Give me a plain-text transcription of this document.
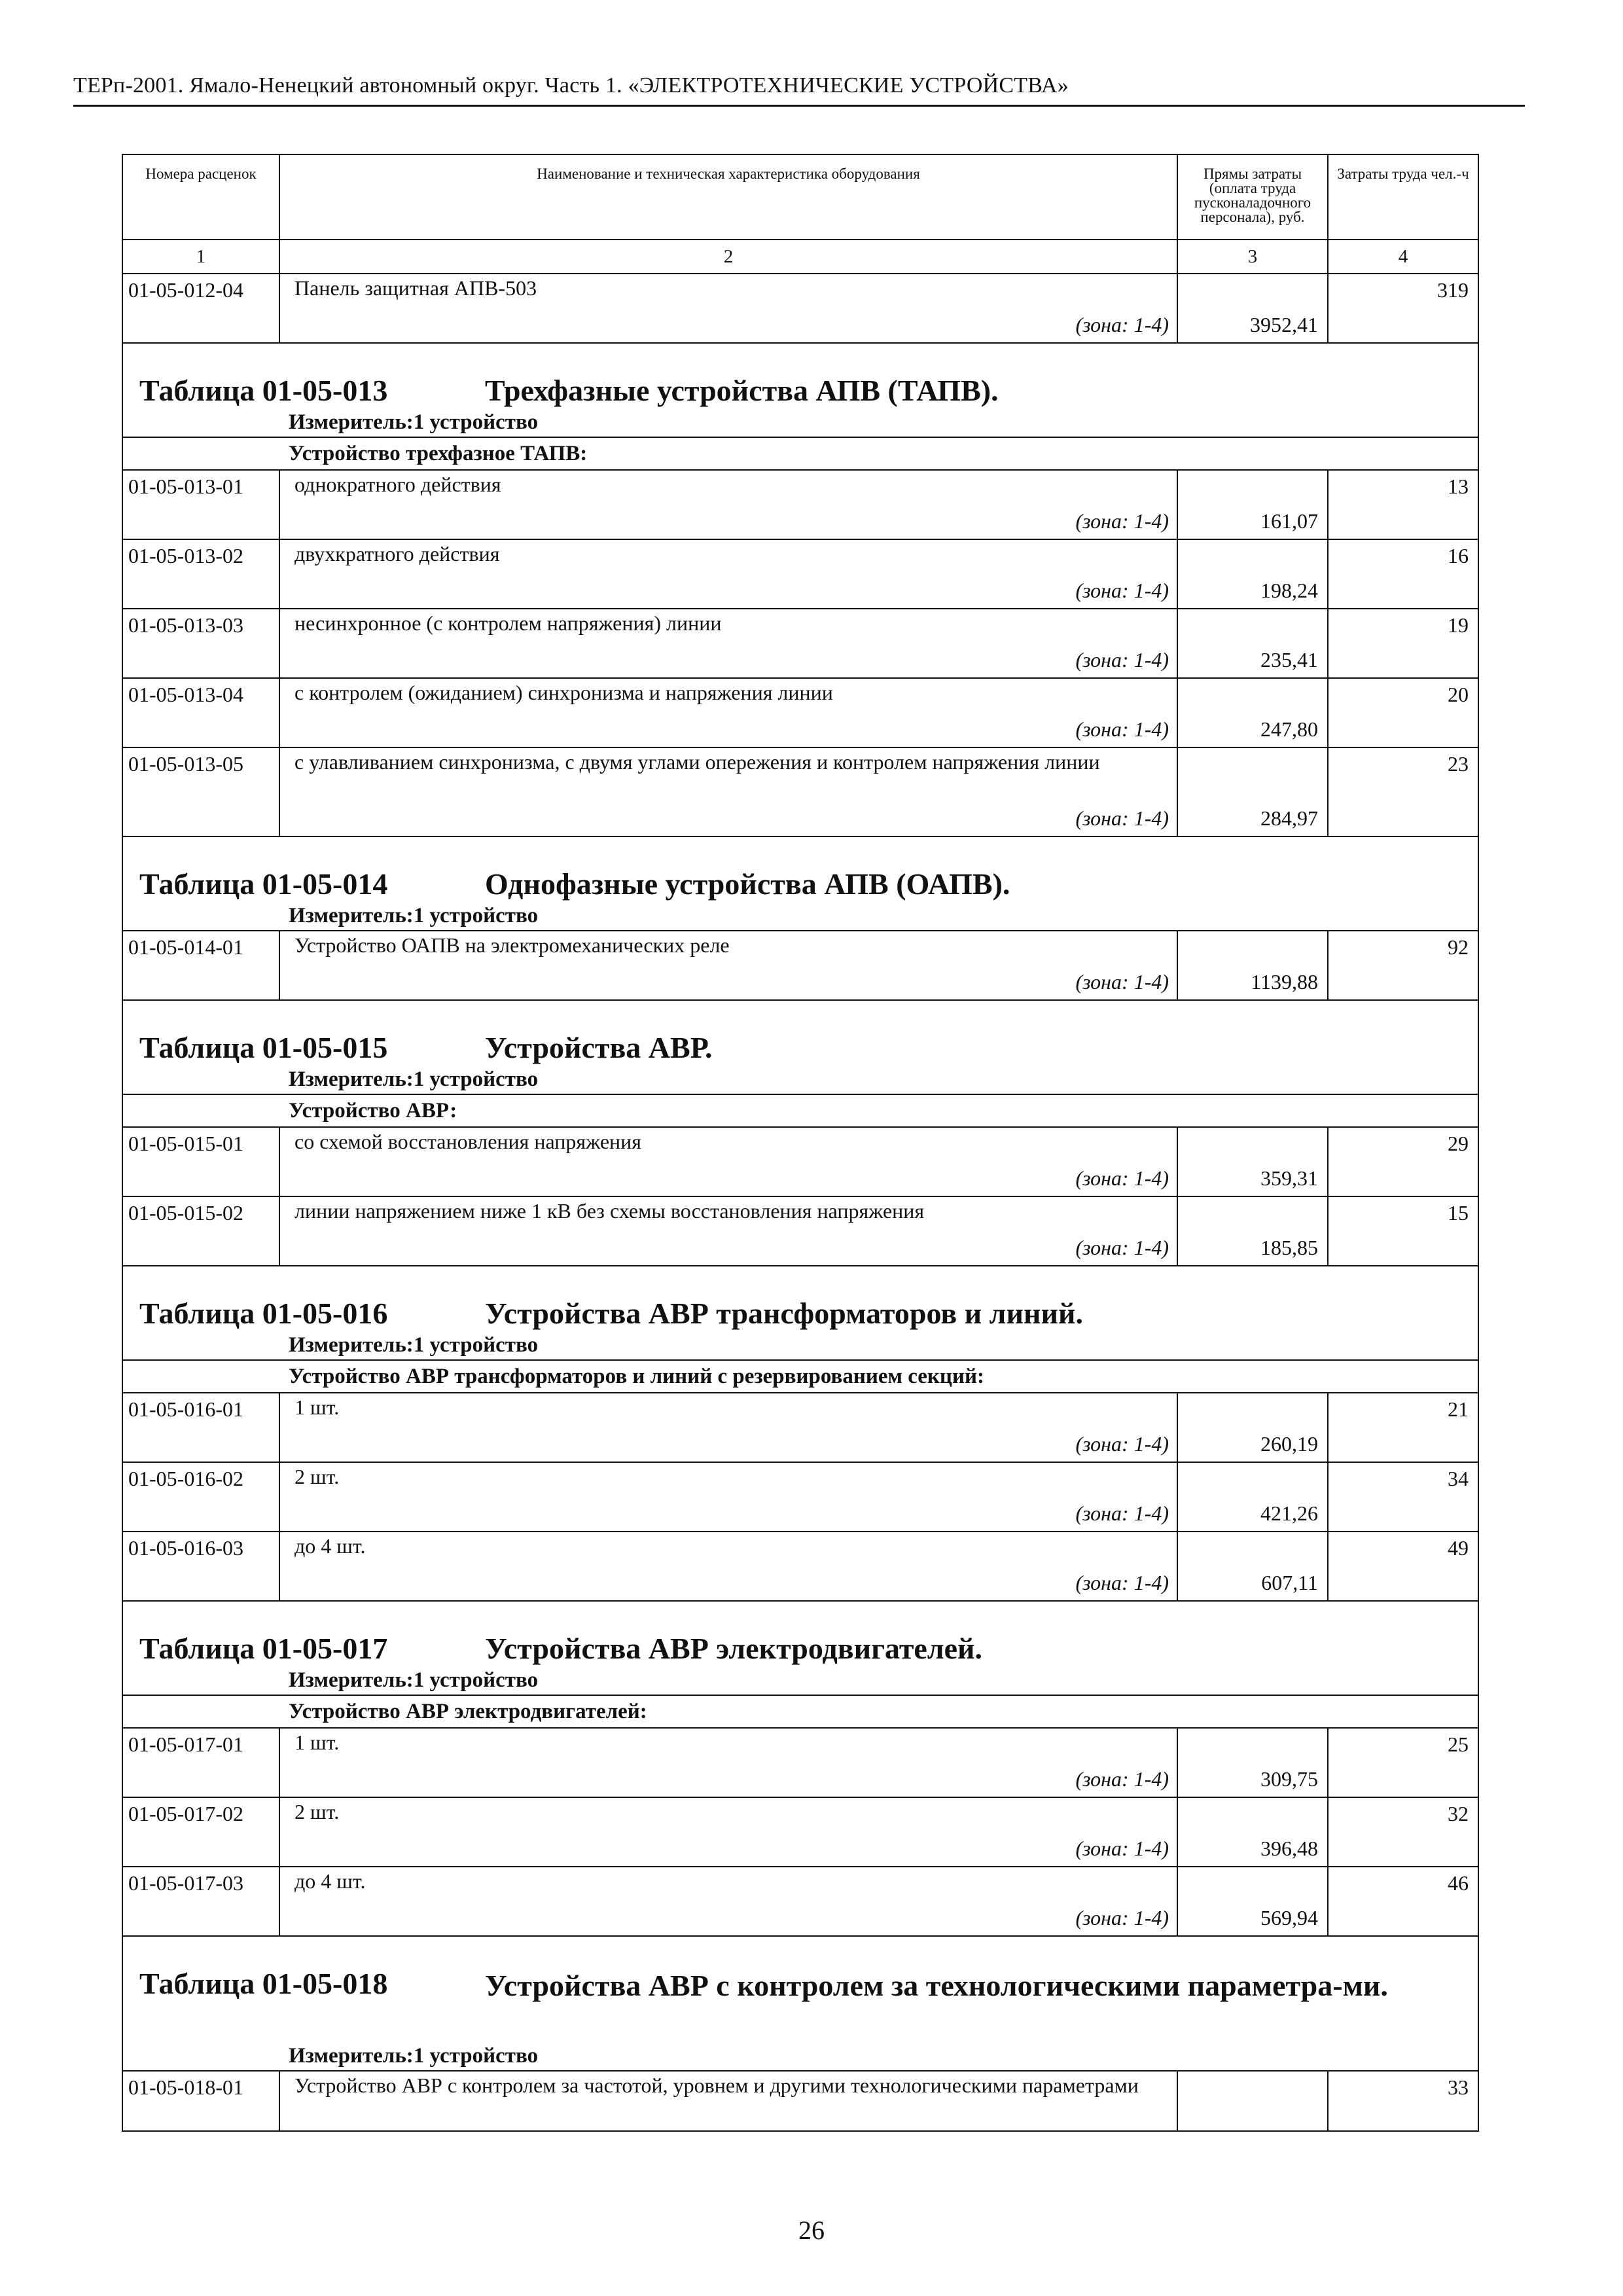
ТЕРп-2001. Ямало-Ненецкий автономный округ. Часть 1. «ЭЛЕКТРОТЕХНИЧЕСКИЕ УСТРОЙСТВА»
Номера расценок	Наименование и техническая характеристика оборудования	Прямы затраты (оплата труда пусконаладочного персонала), руб.	Затраты труда чел.-ч

1	2	3	4
01-05-012-04	Панель защитная АПВ-503
(зона: 1-4)	3952,41	319

Таблица 01-05-013 Трехфазные устройства АПВ (ТАПВ).			

Измеритель:1 устройство			

Устройство трехфазное ТАПВ:			

01-05-013-01	однократного действия
(зона: 1-4)	161,07	13
01-05-013-02	двухкратного действия
(зона: 1-4)	198,24	16
01-05-013-03	несинхронное (с контролем напряжения) линии
(зона: 1-4)	235,41	19
01-05-013-04	с контролем (ожиданием) синхронизма и напряжения линии
(зона: 1-4)	247,80	20
01-05-013-05	с улавливанием синхронизма, с двумя углами опережения и контролем напряжения линии
(зона: 1-4)	284,97	23

Таблица 01-05-014 Однофазные устройства АПВ (ОАПВ).			

Измеритель:1 устройство			

01-05-014-01	Устройство ОАПВ на электромеханических реле
(зона: 1-4)	1139,88	92

Таблица 01-05-015 Устройства АВР.			

Измеритель:1 устройство			

Устройство АВР:			

01-05-015-01	со схемой восстановления напряжения
(зона: 1-4)	359,31	29
01-05-015-02	линии напряжением ниже 1 кВ без схемы восстановления напряжения
(зона: 1-4)	185,85	15

Таблица 01-05-016 Устройства АВР трансформаторов и линий.			

Измеритель:1 устройство			

Устройство АВР трансформаторов и линий с резервированием секций:			

01-05-016-01	1 шт.
(зона: 1-4)	260,19	21
01-05-016-02	2 шт.
(зона: 1-4)	421,26	34
01-05-016-03	до 4 шт.
(зона: 1-4)	607,11	49

Таблица 01-05-017 Устройства АВР электродвигателей.			

Измеритель:1 устройство			

Устройство АВР электродвигателей:			

01-05-017-01	1 шт.
(зона: 1-4)	309,75	25
01-05-017-02	2 шт.
(зона: 1-4)	396,48	32
01-05-017-03	до 4 шт.
(зона: 1-4)	569,94	46

Таблица 01-05-018 Устройства АВР с контролем за технологическими параметра-ми.			

Измеритель:1 устройство			

01-05-018-01	Устройство АВР с контролем за частотой, уровнем и другими технологическими параметрами		33
26
